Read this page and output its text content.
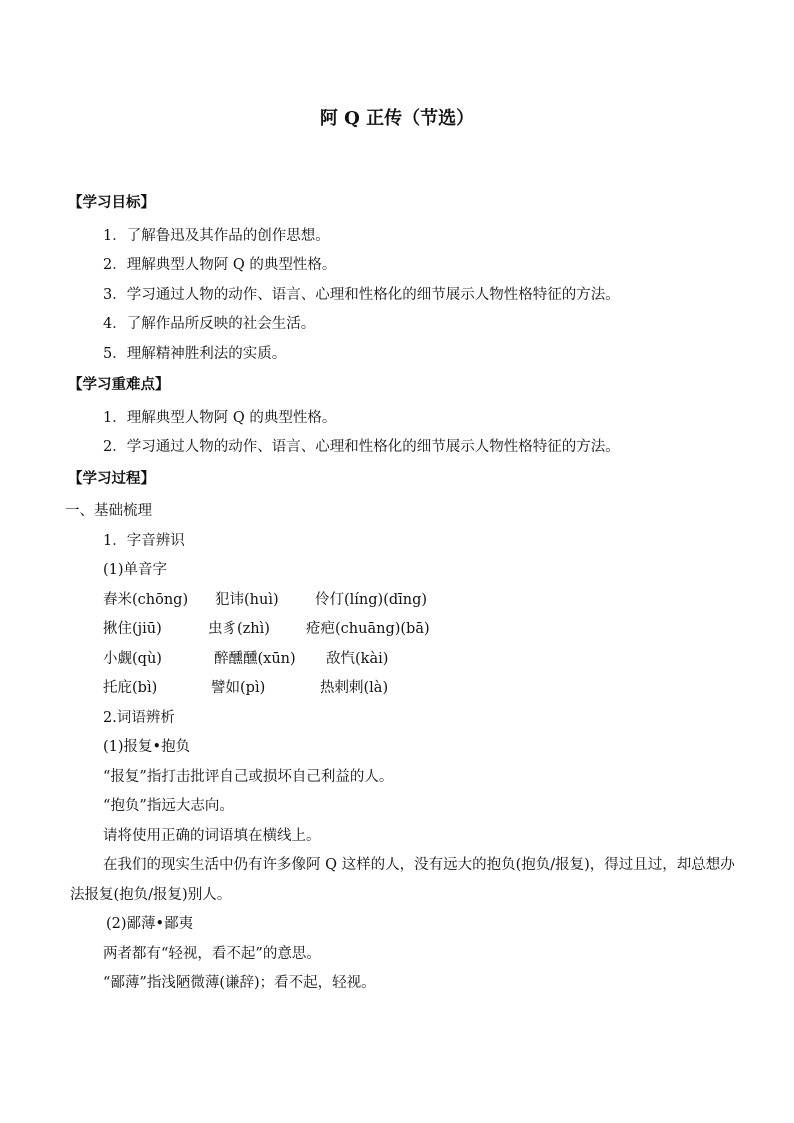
阿 Q 正传（节选）
【学习目标】
1．了解鲁迅及其作品的创作思想。
2．理解典型人物阿 Q 的典型性格。
3．学习通过人物的动作、语言、心理和性格化的细节展示人物性格特征的方法。
4．了解作品所反映的社会生活。
5．理解精神胜利法的实质。
【学习重难点】
1．理解典型人物阿 Q 的典型性格。
2．学习通过人物的动作、语言、心理和性格化的细节展示人物性格特征的方法。
【学习过程】
一、基础梳理
1．字音辨识
(1)单音字
舂米(chōng)	犯讳(huì)	伶仃(líng)(dīng)
揪住(jiū)	虫豸(zhì)	疮疤(chuāng)(bā)
小觑(qù)	醉醺醺(xūn)	敌忾(kài)
托庇(bì)	譬如(pì)	热剌剌(là)
2.词语辨析
(1)报复•抱负
“报复”指打击批评自己或损坏自己利益的人。
“抱负”指远大志向。
请将使用正确的词语填在横线上。
在我们的现实生活中仍有许多像阿 Q 这样的人，没有远大的抱负(抱负/报复)，得过且过，却总想办法报复(抱负/报复)别人。
(2)鄙薄•鄙夷
两者都有“轻视，看不起”的意思。
“鄙薄”指浅陋微薄(谦辞)；看不起，轻视。
